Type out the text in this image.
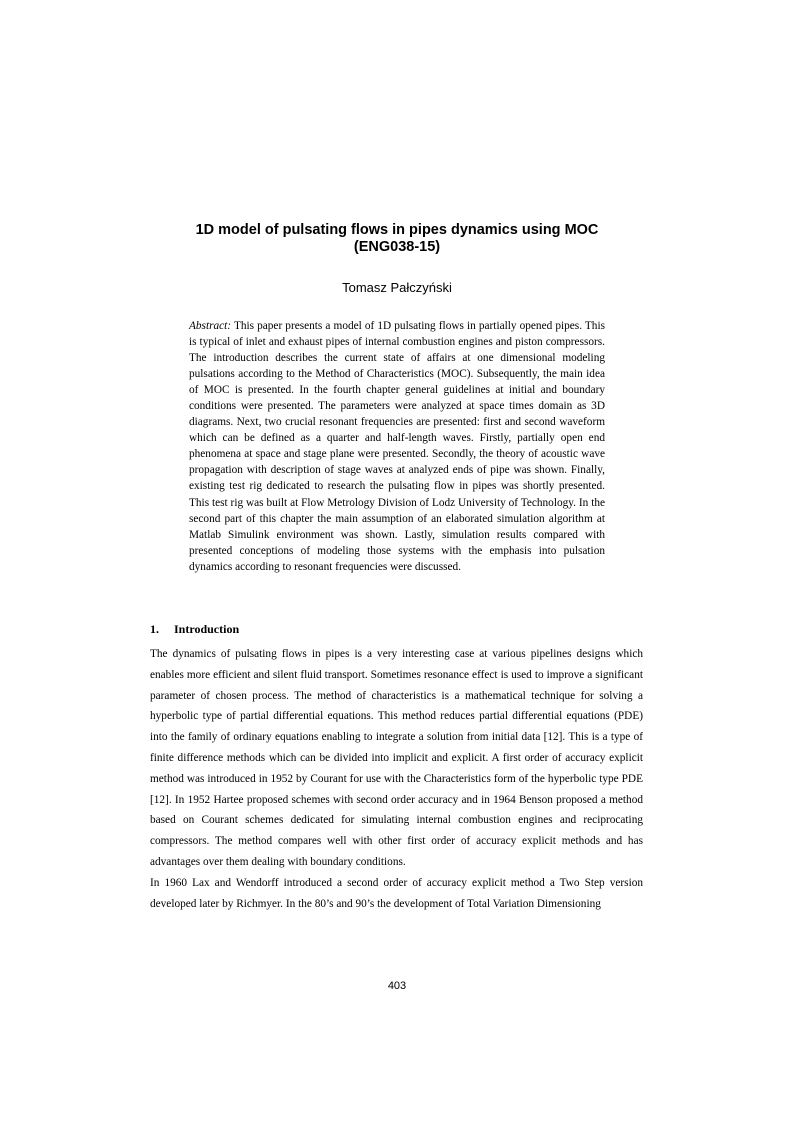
1D model of pulsating flows in pipes dynamics using MOC
(ENG038-15)
Tomasz Pałczyński

Abstract: This paper presents a model of 1D pulsating flows in partially opened pipes. This is typical of inlet and exhaust pipes of internal combustion engines and piston compressors. The introduction describes the current state of affairs at one dimensional modeling pulsations according to the Method of Characteristics (MOC). Subsequently, the main idea of MOC is presented. In the fourth chapter general guidelines at initial and boundary conditions were presented. The parameters were analyzed at space times domain as 3D diagrams. Next, two crucial resonant frequencies are presented: first and second waveform which can be defined as a quarter and half-length waves. Firstly, partially open end phenomena at space and stage plane were presented. Secondly, the theory of acoustic wave propagation with description of stage waves at analyzed ends of pipe was shown. Finally, existing test rig dedicated to research the pulsating flow in pipes was shortly presented. This test rig was built at Flow Metrology Division of Lodz University of Technology. In the second part of this chapter the main assumption of an elaborated simulation algorithm at Matlab Simulink environment was shown. Lastly, simulation results compared with presented conceptions of modeling those systems with the emphasis into pulsation dynamics according to resonant frequencies were discussed.

1. Introduction

The dynamics of pulsating flows in pipes is a very interesting case at various pipelines designs which enables more efficient and silent fluid transport. Sometimes resonance effect is used to improve a significant parameter of chosen process. The method of characteristics is a mathematical technique for solving a hyperbolic type of partial differential equations. This method reduces partial differential equations (PDE) into the family of ordinary equations enabling to integrate a solution from initial data [12]. This is a type of finite difference methods which can be divided into implicit and explicit. A first order of accuracy explicit method was introduced in 1952 by Courant for use with the Characteristics form of the hyperbolic type PDE [12]. In 1952 Hartee proposed schemes with second order accuracy and in 1964 Benson proposed a method based on Courant schemes dedicated for simulating internal combustion engines and reciprocating compressors. The method compares well with other first order of accuracy explicit methods and has advantages over them dealing with boundary conditions.

In 1960 Lax and Wendorff introduced a second order of accuracy explicit method a Two Step version developed later by Richmyer. In the 80’s and 90’s the development of Total Variation Dimensioning

403
